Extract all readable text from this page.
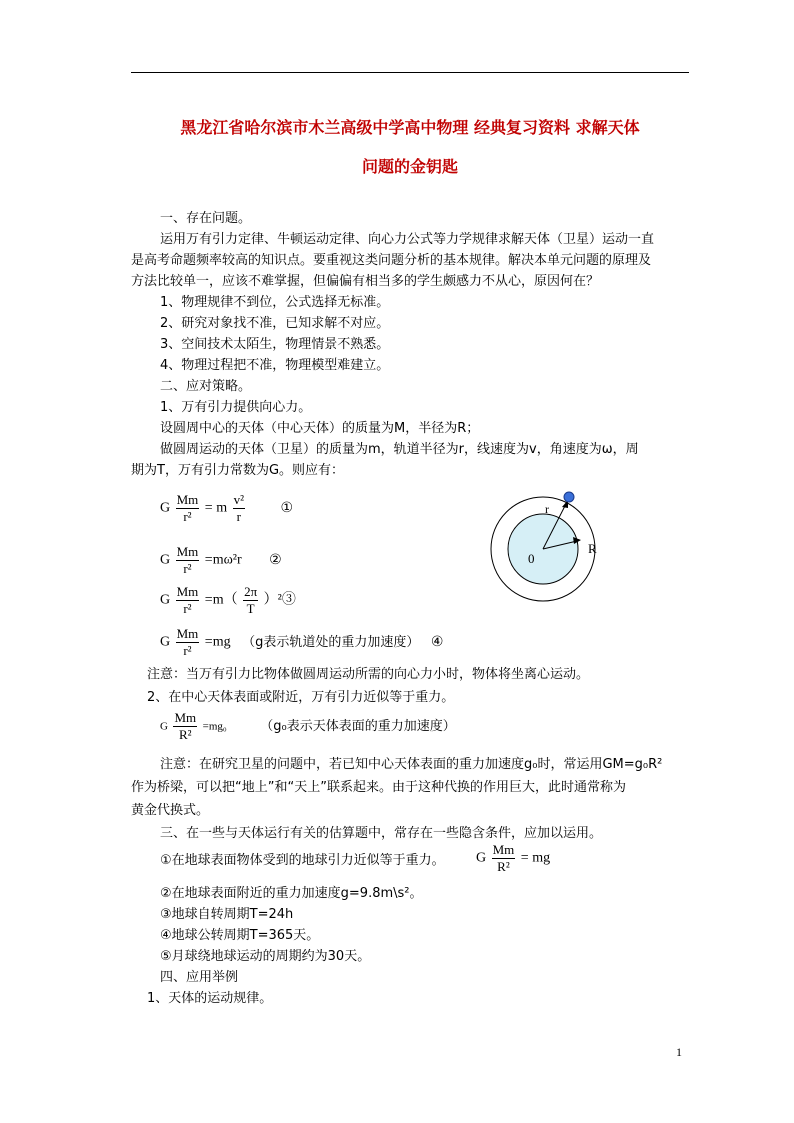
黑龙江省哈尔滨市木兰高级中学高中物理 经典复习资料 求解天体
问题的金钥匙
一、存在问题。
运用万有引力定律、牛顿运动定律、向心力公式等力学规律求解天体（卫星）运动一直
是高考命题频率较高的知识点。要重视这类问题分析的基本规律。解决本单元问题的原理及
方法比较单一，应该不难掌握，但偏偏有相当多的学生颇感力不从心，原因何在？
1、物理规律不到位，公式选择无标准。
2、研究对象找不准，已知求解不对应。
3、空间技术太陌生，物理情景不熟悉。
4、物理过程把不准，物理模型难建立。
二、应对策略。
1、万有引力提供向心力。
设圆周中心的天体（中心天体）的质量为M，半径为R；
做圆周运动的天体（卫星）的质量为m，轨道半径为r，线速度为v，角速度为ω，周
期为T，万有引力常数为G。则应有：
G $\frac{Mm}{\text{r²}} = m \frac{\text{v²}}{r}$	①
G $\frac{Mm}{\text{r²}} =m\omega^2r$ ②
G $\frac{Mm}{\text{r²}} =m( \frac{2\pi}{T}$ ）²③
G $\frac{Mm}{\text{r²}} =mg$ （g表示轨道处的重力加速度） ④
r
R
0
注意：当万有引力比物体做圆周运动所需的向心力小时，物体将坐离心运动。
2、在中心天体表面或附近，万有引力近似等于重力。
G $\frac{Mm}{\text{R²}} =mg_0$	（g₀表示天体表面的重力加速度）
注意：在研究卫星的问题中，若已知中心天体表面的重力加速度g₀时，常运用GM=g₀R²
作为桥梁，可以把“地上”和“天上”联系起来。由于这种代换的作用巨大，此时通常称为
黄金代换式。
三、在一些与天体运行有关的估算题中，常存在一些隐含条件，应加以运用。
①在地球表面物体受到的地球引力近似等于重力。 G $\frac{Mm}{\text{R²}}$ = mg
②在地球表面附近的重力加速度g=9.8m\s²。
③地球自转周期T=24h
④地球公转周期T=365天。
⑤月球绕地球运动的周期约为30天。
四、应用举例
1、天体的运动规律。
1
